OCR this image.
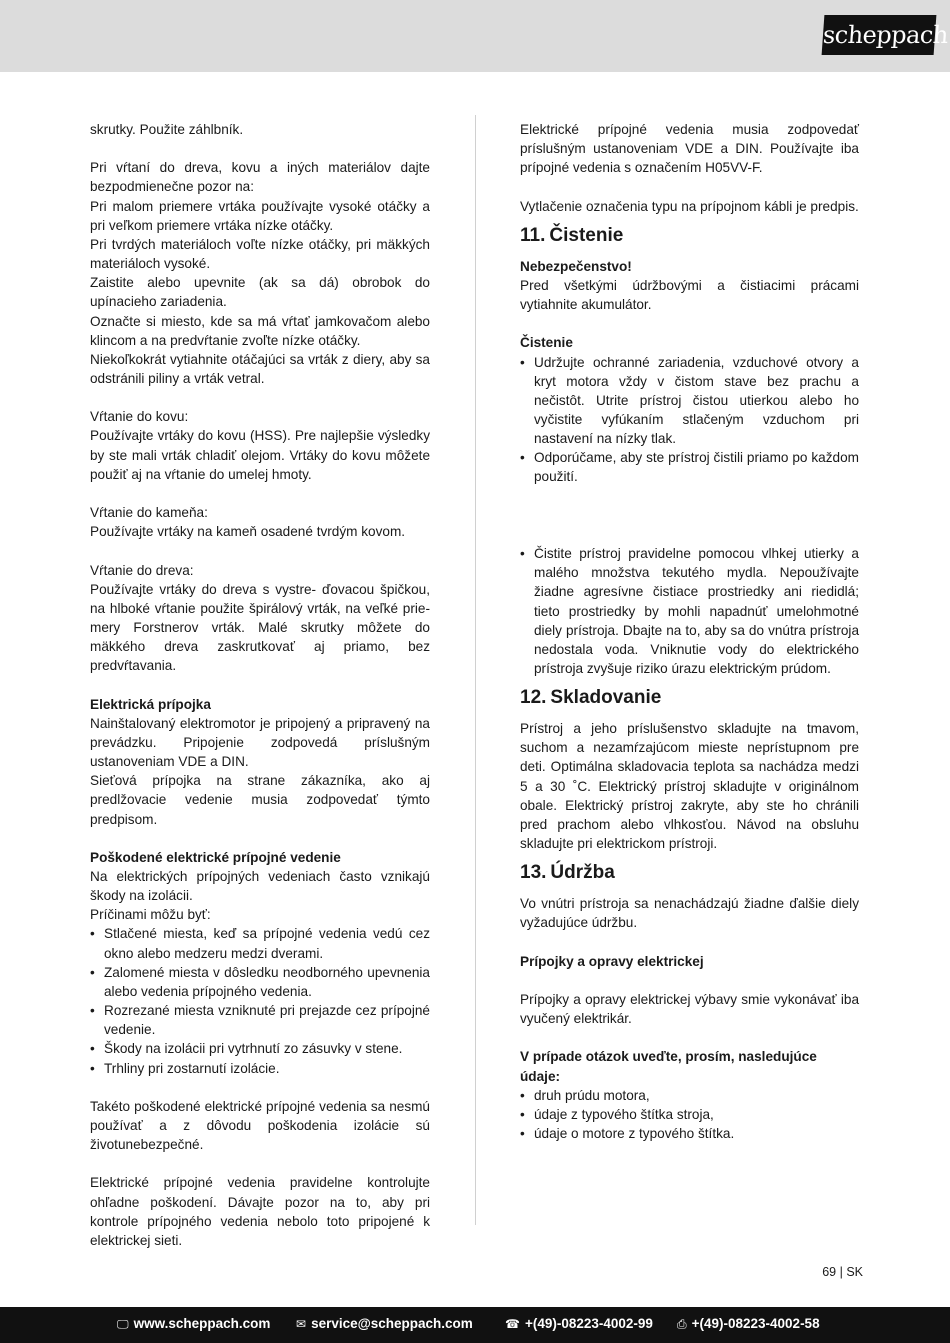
scheppach

skrutky. Použite záhlbník.

Pri vŕtaní do dreva, kovu a iných materiálov dajte bezpodmienečne pozor na:

Pri malom priemere vrtáka používajte vysoké otáčky a pri veľkom priemere vrtáka nízke otáčky.

Pri tvrdých materiáloch voľte nízke otáčky, pri mäkkých materiáloch vysoké.

Zaistite alebo upevnite (ak sa dá) obrobok do upínacieho zariadenia.

Označte si miesto, kde sa má vŕtať jamkovačom alebo klincom a na predvŕtanie zvoľte nízke otáčky.

Niekoľkokrát vytiahnite otáčajúci sa vrták z diery, aby sa odstránili piliny a vrták vetral.

Vŕtanie do kovu:

Používajte vrtáky do kovu (HSS). Pre najlepšie výsledky by ste mali vrták chladiť olejom. Vrtáky do kovu môžete použiť aj na vŕtanie do umelej hmoty.

Vŕtanie do kameňa:

Používajte vrtáky na kameň osadené tvrdým kovom.

Vŕtanie do dreva:

Používajte vrtáky do dreva s vystre- ďovacou špičkou, na hlboké vŕtanie použite špirálový vrták, na veľké prie-mery Forstnerov vrták. Malé skrutky môžete do mäkkého dreva zaskrutkovať aj priamo, bez predvŕtavania.

Elektrická prípojka

Nainštalovaný elektromotor je pripojený a pripravený na prevádzku. Pripojenie zodpovedá príslušným ustanoveniam VDE a DIN.

Sieťová prípojka na strane zákazníka, ako aj predlžovacie vedenie musia zodpovedať týmto predpisom.

Poškodené elektrické prípojné vedenie

Na elektrických prípojných vedeniach často vznikajú škody na izolácii.

Príčinami môžu byť:

• Stlačené miesta, keď sa prípojné vedenia vedú cez okno alebo medzeru medzi dverami.
• Zalomené miesta v dôsledku neodborného upevnenia alebo vedenia prípojného vedenia.
• Rozrezané miesta vzniknuté pri prejazde cez prípojné vedenie.
• Škody na izolácii pri vytrhnutí zo zásuvky v stene.
• Trhliny pri zostarnutí izolácie.

Takéto poškodené elektrické prípojné vedenia sa nesmú používať a z dôvodu poškodenia izolácie sú životunebezpečné.

Elektrické prípojné vedenia pravidelne kontrolujte ohľadne poškodení. Dávajte pozor na to, aby pri kontrole prípojného vedenia nebolo toto pripojené k elektrickej sieti.

Elektrické prípojné vedenia musia zodpovedať príslušným ustanoveniam VDE a DIN. Používajte iba prípojné vedenia s označením H05VV-F.

Vytlačenie označenia typu na prípojnom kábli je predpis.

11. Čistenie

Nebezpečenstvo!

Pred všetkými údržbovými a čistiacimi prácami vytiahnite akumulátor.

Čistenie

• Udržujte ochranné zariadenia, vzduchové otvory a kryt motora vždy v čistom stave bez prachu a nečistôt. Utrite prístroj čistou utierkou alebo ho vyčistite vyfúkaním stlačeným vzduchom pri nastavení na nízky tlak.
• Odporúčame, aby ste prístroj čistili priamo po každom použití.
• Čistite prístroj pravidelne pomocou vlhkej utierky a malého množstva tekutého mydla. Nepoužívajte žiadne agresívne čistiace prostriedky ani riedidlá; tieto prostriedky by mohli napadnúť umelohmotné diely prístroja. Dbajte na to, aby sa do vnútra prístroja nedostala voda. Vniknutie vody do elektrického prístroja zvyšuje riziko úrazu elektrickým prúdom.
12. Skladovanie

Prístroj a jeho príslušenstvo skladujte na tmavom, suchom a nezamŕzajúcom mieste neprístupnom pre deti. Optimálna skladovacia teplota sa nachádza medzi 5 a 30 ˚C. Elektrický prístroj skladujte v originálnom obale. Elektrický prístroj zakryte, aby ste ho chránili pred prachom alebo vlhkosťou. Návod na obsluhu skladujte pri elektrickom prístroji.

13. Údržba

Vo vnútri prístroja sa nenachádzajú žiadne ďalšie diely vyžadujúce údržbu.

Prípojky a opravy elektrickej

Prípojky a opravy elektrickej výbavy smie vykonávať iba vyučený elektrikár.

V prípade otázok uveďte, prosím, nasledujúce údaje:

• druh prúdu motora,
• údaje z typového štítka stroja,
• údaje o motore z typového štítka.
69 | SK
🖵 www.scheppach.com ✉ service@scheppach.com	☎ +(49)-08223-4002-99 ⎙ +(49)-08223-4002-58
